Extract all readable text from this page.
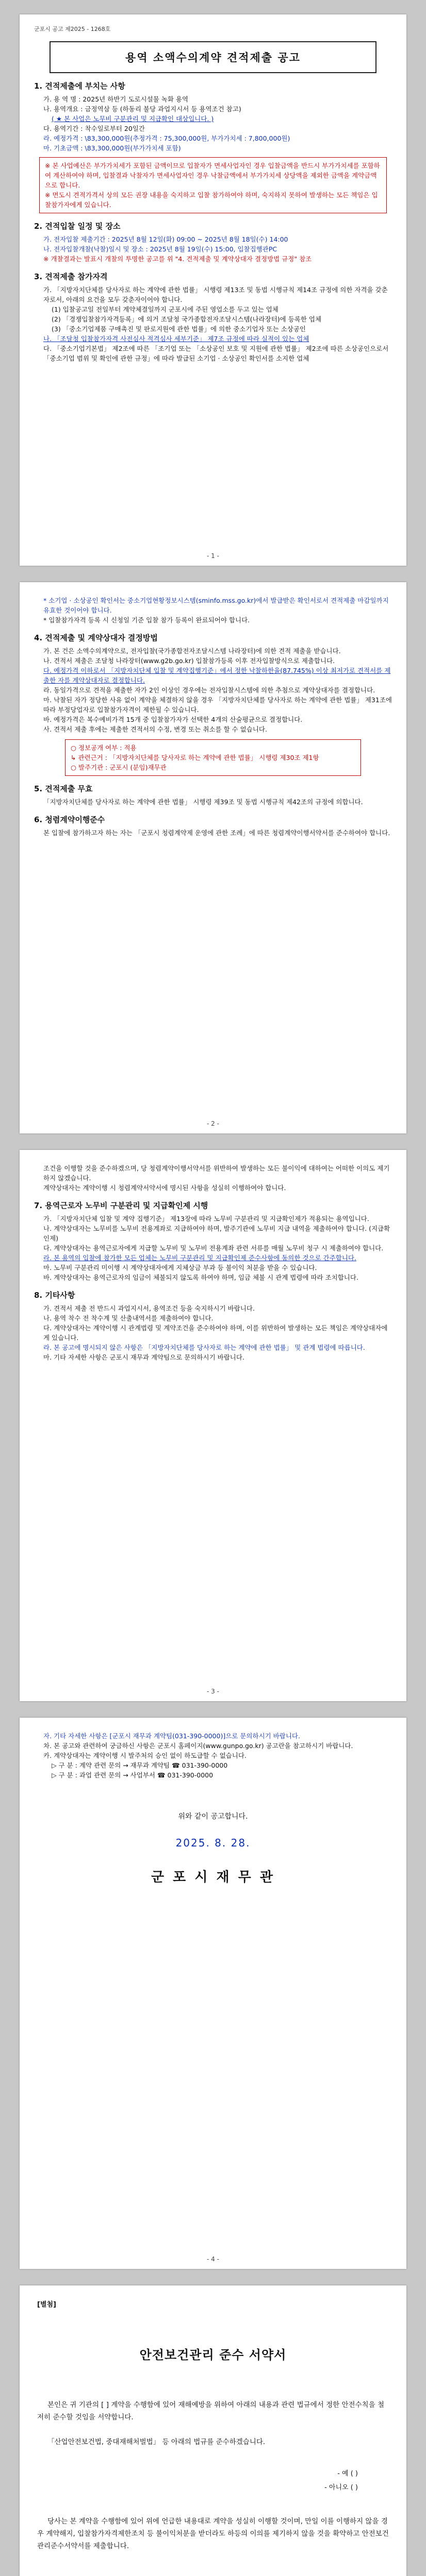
군포시 공고 제2025 - 1268호
용역 소액수의계약 견적제출 공고
1. 견적제출에 부치는 사항

가. 용 역 명 : 2025년 하반기 도로시설물 녹화 용역

나. 용역개요 : 금정역삼 등 (하동리 불당 과업지시서 등 용역조건 참고)

( ★ 본 사업은 노무비 구분관리 및 지급확인 대상입니다. )

다. 용역기간 : 착수일로부터 20일간

라. 예정가격 : \83,300,000원(추정가격 : 75,300,000원, 부가가치세 : 7,800,000원)

마. 기초금액 : \83,300,000원(부가가치세 포함)

※ 본 사업예산은 부가가치세가 포함된 금액이므로 입찰자가 면세사업자인 경우 입찰금액을 반드시 부가가치세를 포함하여 계산하여야 하며, 입찰결과 낙찰자가 면세사업자인 경우 낙찰금액에서 부가가치세 상당액을 제외한 금액을 계약금액으로 합니다.

※ 면도시 견적가격서 상의 모든 권장 내용을 숙지하고 입찰 참가하여야 하며, 숙지하지 못하여 발생하는 모든 책임은 입찰참가자에게 있습니다.

2. 견적입찰 일정 및 장소

가. 전자입찰 제출기간 : 2025년 8월 12일(화) 09:00 ~ 2025년 8월 18일(수) 14:00

나. 전자입찰개찰(낙찰)일시 및 장소 : 2025년 8월 19일(수) 15:00, 입찰집행관PC

※ 개찰결과는 발표시 개찰의 투명한 공고를 위 "4. 견적제출 및 계약상대자 결정방법 규정" 참조

3. 견적제출 참가자격

가. 「지방자치단체를 당사자로 하는 계약에 관한 법률」 시행령 제13조 및 동법 시행규칙 제14조 규정에 의한 자격을 갖춘 자로서, 아래의 요건을 모두 갖춘자이어야 합니다.

(1) 입찰공고일 전일부터 계약체결일까지 군포시에 주된 영업소를 두고 있는 업체

(2) 「경쟁입찰참가자격등록」에 의거 조달청 국가종합전자조달시스템(나라장터)에 등록한 업체

(3) 「중소기업제품 구매촉진 및 판로지원에 관한 법률」에 의한 중소기업자 또는 소상공인

나. 「조달청 입찰참가자격 사전심사 적격심사 세부기준」 제7조 규정에 따라 실적이 있는 업체

다. 「중소기업기본법」 제2조에 따른 「조기업 또는 「소상공인 보호 및 지원에 관한 법률」 제2조에 따른 소상공인으로서 「중소기업 범위 및 확인에 관한 규정」에 따라 발급된 소기업 · 소상공인 확인서를 소지한 업체

- 1 -

* 소기업 · 소상공인 확인서는 중소기업현황정보시스템(sminfo.mss.go.kr)에서 발급받은 확인서로서 견적제출 마감일까지 유효한 것이어야 합니다.

* 입찰참가자격 등록 시 신청일 기준 입찰 참가 등록이 완료되어야 합니다.

4. 견적제출 및 계약상대자 결정방법

가. 본 건은 소액수의계약으로, 전자입찰(국가종합전자조달시스템 나라장터)에 의한 견적 제출을 받습니다.

나. 견적서 제출은 조달청 나라장터(www.g2b.go.kr) 입찰참가등록 이후 전자입찰방식으로 제출합니다.

다. 예정가격 이하로서 「지방자치단체 입찰 및 계약집행기준」에서 정한 낙찰하한율(87.745%) 이상 최저가로 견적서를 제출한 자를 계약상대자로 결정합니다.

라. 동일가격으로 견적을 제출한 자가 2인 이상인 경우에는 전자입찰시스템에 의한 추첨으로 계약상대자를 결정합니다.

마. 낙찰된 자가 정당한 사유 없이 계약을 체결하지 않을 경우 「지방자치단체를 당사자로 하는 계약에 관한 법률」 제31조에 따라 부정당업자로 입찰참가자격이 제한될 수 있습니다.

바. 예정가격은 복수예비가격 15개 중 입찰참가자가 선택한 4개의 산술평균으로 결정합니다.

사. 견적서 제출 후에는 제출한 견적서의 수정, 변경 또는 취소를 할 수 없습니다.

○ 정보공개 여부 : 적용

↳ 관련근거 : 「지방자치단체를 당사자로 하는 계약에 관한 법률」 시행령 제30조 제1항

○ 발주기관 : 군포시 (분임)재무관

5. 견적제출 무효

「지방자치단체를 당사자로 하는 계약에 관한 법률」 시행령 제39조 및 동법 시행규칙 제42조의 규정에 의합니다.

6. 청렴계약이행준수

본 입찰에 참가하고자 하는 자는 「군포시 청렴계약제 운영에 관한 조례」에 따른 청렴계약이행서약서를 준수하여야 합니다.

- 2 -

조건을 이행할 것을 준수하겠으며, 당 청렴계약이행서약서를 위반하여 발생하는 모든 불이익에 대하여는 어떠한 이의도 제기하지 않겠습니다.

계약상대자는 계약이행 시 청렴계약서약서에 명시된 사항을 성실히 이행하여야 합니다.

7. 용역근로자 노무비 구분관리 및 지급확인제 시행

가. 「지방자치단체 입찰 및 계약 집행기준」 제13장에 따라 노무비 구분관리 및 지급확인제가 적용되는 용역입니다.

나. 계약상대자는 노무비를 노무비 전용계좌로 지급하여야 하며, 발주기관에 노무비 지급 내역을 제출하여야 합니다. (지급확인제)

다. 계약상대자는 용역근로자에게 지급할 노무비 및 노무비 전용계좌 관련 서류를 매월 노무비 청구 시 제출하여야 합니다.

라. 본 용역의 입찰에 참가한 모든 업체는 노무비 구분관리 및 지급확인제 준수사항에 동의한 것으로 간주합니다.

마. 노무비 구분관리 미이행 시 계약상대자에게 지체상금 부과 등 불이익 처분을 받을 수 있습니다.

바. 계약상대자는 용역근로자의 임금이 체불되지 않도록 하여야 하며, 임금 체불 시 관계 법령에 따라 조치합니다.

8. 기타사항

가. 견적서 제출 전 반드시 과업지시서, 용역조건 등을 숙지하시기 바랍니다.

나. 용역 착수 전 착수계 및 산출내역서를 제출하여야 합니다.

다. 계약상대자는 계약이행 시 관계법령 및 계약조건을 준수하여야 하며, 이를 위반하여 발생하는 모든 책임은 계약상대자에게 있습니다.

라. 본 공고에 명시되지 않은 사항은 「지방자치단체를 당사자로 하는 계약에 관한 법률」 및 관계 법령에 따릅니다.

마. 기타 자세한 사항은 군포시 재무과 계약팀으로 문의하시기 바랍니다.

- 3 -

자. 기타 자세한 사항은 [군포시 재무과 계약팀(031-390-0000)]으로 문의하시기 바랍니다.

차. 본 공고와 관련하여 궁금하신 사항은 군포시 홈페이지(www.gunpo.go.kr) 공고란을 참고하시기 바랍니다.

카. 계약상대자는 계약이행 시 발주처의 승인 없이 하도급할 수 없습니다.

▷ 구 분 : 계약 관련 문의 → 재무과 계약팀 ☎ 031-390-0000

▷ 구 분 : 과업 관련 문의 → 사업부서 ☎ 031-390-0000

위와 같이 공고합니다.
2025. 8. 28.
군 포 시 재 무 관
- 4 -
[별첨]
안전보건관리 준수 서약서

본인은 귀 기관의 [ ] 계약을 수행함에 있어 재해예방을 위하여 아래의 내용과 관련 법규에서 정한 안전수칙을 철저히 준수할 것임을 서약합니다.

「산업안전보건법, 중대재해처벌법」 등 아래의 법규를 준수하겠습니다.

- 예 ( )
- 아니오 ( )

당사는 본 계약을 수행함에 있어 위에 언급한 내용대로 계약을 성실히 이행할 것이며, 만일 이를 이행하지 않을 경우 계약해지, 입찰참가자격제한조치 등 불이익처분을 받더라도 하등의 이의를 제기하지 않을 것을 확약하고 안전보건관리준수서약서를 제출합니다.
